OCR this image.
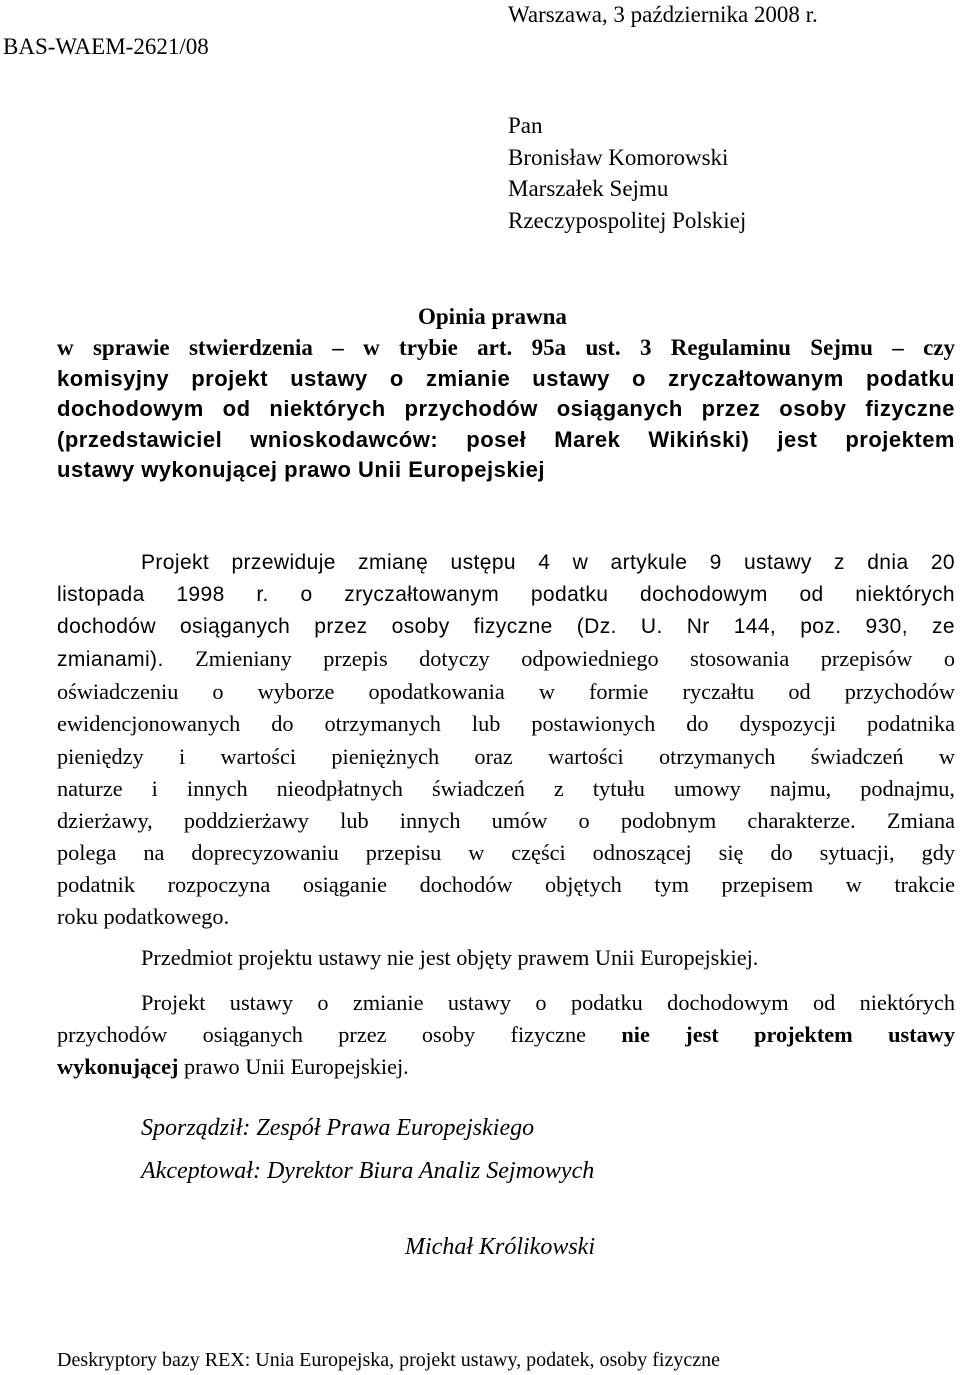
BAS-WAEM-2621/08
Warszawa, 3 października 2008 r.
Pan
Bronisław Komorowski
Marszałek Sejmu
Rzeczypospolitej Polskiej
Opinia prawna
w sprawie stwierdzenia – w trybie art. 95a ust. 3 Regulaminu Sejmu – czy
komisyjny projekt ustawy o zmianie ustawy o zryczałtowanym podatku
dochodowym od niektórych przychodów osiąganych przez osoby fizyczne
(przedstawiciel wnioskodawców: poseł Marek Wikiński) jest projektem
ustawy wykonującej prawo Unii Europejskiej
Projekt przewiduje zmianę ustępu 4 w artykule 9 ustawy z dnia 20
listopada 1998 r. o zryczałtowanym podatku dochodowym od niektórych
dochodów osiąganych przez osoby fizyczne (Dz. U. Nr 144, poz. 930, ze
zmianami). Zmieniany przepis dotyczy odpowiedniego stosowania przepisów o
oświadczeniu o wyborze opodatkowania w formie ryczałtu od przychodów
ewidencjonowanych do otrzymanych lub postawionych do dyspozycji podatnika
pieniędzy i wartości pieniężnych oraz wartości otrzymanych świadczeń w
naturze i innych nieodpłatnych świadczeń z tytułu umowy najmu, podnajmu,
dzierżawy, poddzierżawy lub innych umów o podobnym charakterze. Zmiana
polega na doprecyzowaniu przepisu w części odnoszącej się do sytuacji, gdy
podatnik rozpoczyna osiąganie dochodów objętych tym przepisem w trakcie
roku podatkowego.
Przedmiot projektu ustawy nie jest objęty prawem Unii Europejskiej.
Projekt ustawy o zmianie ustawy o podatku dochodowym od niektórych
przychodów osiąganych przez osoby fizyczne nie jest projektem ustawy
wykonującej prawo Unii Europejskiej.
Sporządził: Zespół Prawa Europejskiego
Akceptował: Dyrektor Biura Analiz Sejmowych
Michał Królikowski
Deskryptory bazy REX: Unia Europejska, projekt ustawy, podatek, osoby fizyczne
